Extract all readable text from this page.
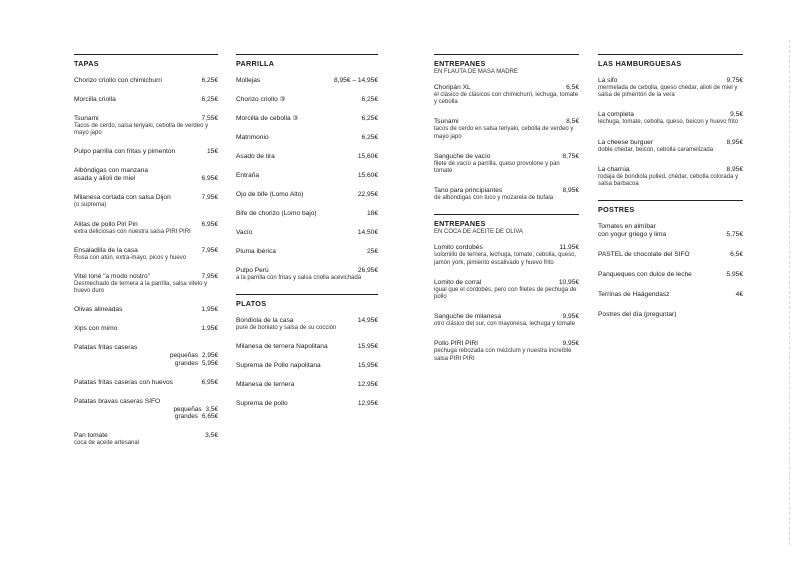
TAPAS
Chorizo criollo con chimichurri	6,25€
Morcilla criolla	6,25€
Tsunami	7,55€
Tacos de cerdo, salsa teriyaki, cebolla de verdeo y mayo japo
Pulpo parrilla con fritas y pimenton	15€
Albóndigas con manzana
asada y alioli de miel	6,95€
Milanesa cortada con salsa Dijon	7,95€
(o suprema)
Alitas de pollo Piri Piri	6,95€
extra deliciosas con nuestra salsa PIRI PIRI
Ensaladilla de la casa	7,95€
Rusa con atún, extra-mayo, picos y huevo
Vitel toné "a modo nostro"	7,95€
Desmechado de ternera a la parrilla, salsa vitelo y huevo duro
Olivas alineadas	1,95€
Xips con mimo	1,95€
Patatas fritas caseras
pequeñas 2,95€
grandes 5,95€
Patatas fritas caseras con huevos	6,95€
Patatas bravas caseras SIFO
pequeñas 3,5€
grandes 6,65€
Pan tomate	3,5€
coca de aceite artesanal
PARRILLA
Mollejas	8,95€ – 14,95€
Chorizo criollo ③	6,25€
Morcilla de cebolla ③	6,25€
Matrimonio	6,25€
Asado de tira	15,60€
Entraña	15,60€
Ojo de bife (Lomo Alto)	22,95€
Bife de chorizo (Lomo bajo)	18€
Vacío	14,50€
Pluma ibérica	25€
Pulpo Perú	26,95€
a la parrilla con fritas y salsa criolla acevichada
PLATOS
Bondiola de la casa	14,95€
pure de boniato y salsa de su cocción
Milanesa de ternera Napolitana	15,95€
Suprema de Pollo napolitana	15,95€
Milanesa de ternera	12,95€
Suprema de pollo	12,95€
ENTREPANES
EN FLAUTA DE MASA MADRE
Choripán XL	6,5€
el clásico de clásicos con chimichurri, lechuga, tomate y cebolla
Tsunami	8,5€
tacos de cerdo en salsa teriyaki, cebolla de verdeo y mayo japo
Sanguche de vacío	8,75€
filete de vacío a parrilla, queso provolone y pan tomate
Tano para principiantes	8,95€
de albóndigas con tuco y mozarela de bufala
ENTREPANES
EN COCA DE ACEITE DE OLIVA
Lomito cordobés	11,95€
solomillo de ternera, lechuga, tomate, cebolla, queso, jamón york, pimiento escalivado y huevo frito
Lomito de corral	10,95€
igual que el cordobés, pero con filetes de pechuga de pollo
Sanguche de milanesa	9,95€
otro clásico del sur, con mayonesa, lechuga y tomate
Pollo PIRI PIRI	9,95€
pechuga rebozada con mézclum y nuestra increíble salsa PIRI PIRI
LAS HAMBURGUESAS
La sifo	9,75€
mermelada de cebolla, queso chédar, alioli de miel y salsa de pimentón de la vera
La completa	9,5€
lechuga, tomate, cebolla, queso, beicon y huevo frito
La cheese burguer	8,95€
doble chédar, beicon, cebolla caramelizada
La charrúa	8,95€
rodaja de bondiola pulled, chédar, cebolla colorada y salsa barbacoa
POSTRES
Tomates en almíbar
con yogur griego y lima	5,75€
PASTEL de chocolate del SIFO	6,5€
Panqueques con dulce de leche	5,95€
Terrinas de Haägendasz	4€
Postres del día (preguntar)
